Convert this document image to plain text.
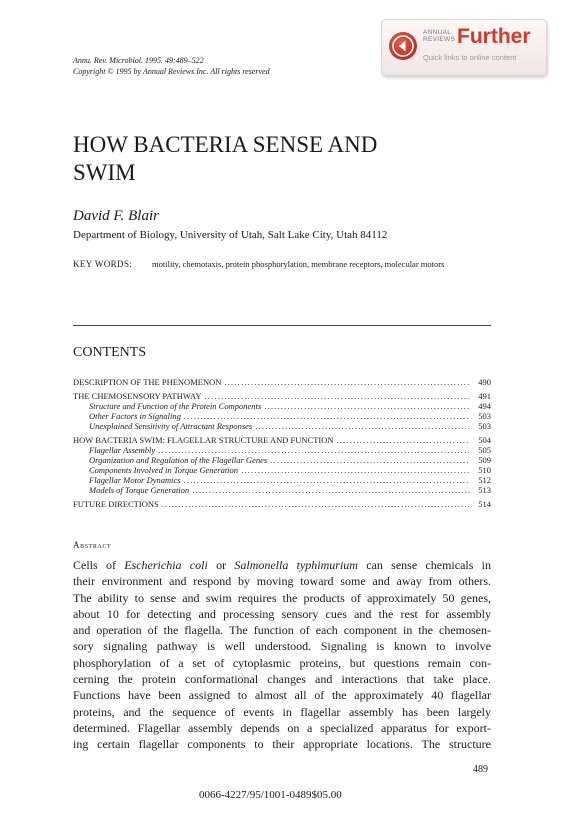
Annu. Rev. Microbiol. 1995. 49:489–522
Copyright © 1995 by Annual Reviews Inc. All rights reserved
ANNUAL
REVIEWS Further
Quick links to online content
HOW BACTERIA SENSE AND SWIM
David F. Blair
Department of Biology, University of Utah, Salt Lake City, Utah 84112
KEY WORDS: motility, chemotaxis, protein phosphorylation, membrane receptors, molecular motors
CONTENTS
DESCRIPTION OF THE PHENOMENON .....	490
THE CHEMOSENSORY PATHWAY .....	491
Structure and Function of the Protein Components .....	494
Other Factors in Signaling .....	503
Unexplained Sensitivity of Attractant Responses .....	503
HOW BACTERIA SWIM: FLAGELLAR STRUCTURE AND FUNCTION .....	504
Flagellar Assembly .....	505
Organization and Regulation of the Flagellar Genes .....	509
Components Involved in Torque Generation .....	510
Flagellar Motor Dynamics .....	512
Models of Torque Generation .....	513
FUTURE DIRECTIONS .....	514
Abstract
Cells of Escherichia coli or Salmonella typhimurium can sense chemicals in
their environment and respond by moving toward some and away from others.
The ability to sense and swim requires the products of approximately 50 genes,
about 10 for detecting and processing sensory cues and the rest for assembly
and operation of the flagella. The function of each component in the chemosen-
sory signaling pathway is well understood. Signaling is known to involve
phosphorylation of a set of cytoplasmic proteins, but questions remain con-
cerning the protein conformational changes and interactions that take place.
Functions have been assigned to almost all of the approximately 40 flagellar
proteins, and the sequence of events in flagellar assembly has been largely
determined. Flagellar assembly depends on a specialized apparatus for export-
ing certain flagellar components to their appropriate locations. The structure
489
0066-4227/95/1001-0489$05.00
